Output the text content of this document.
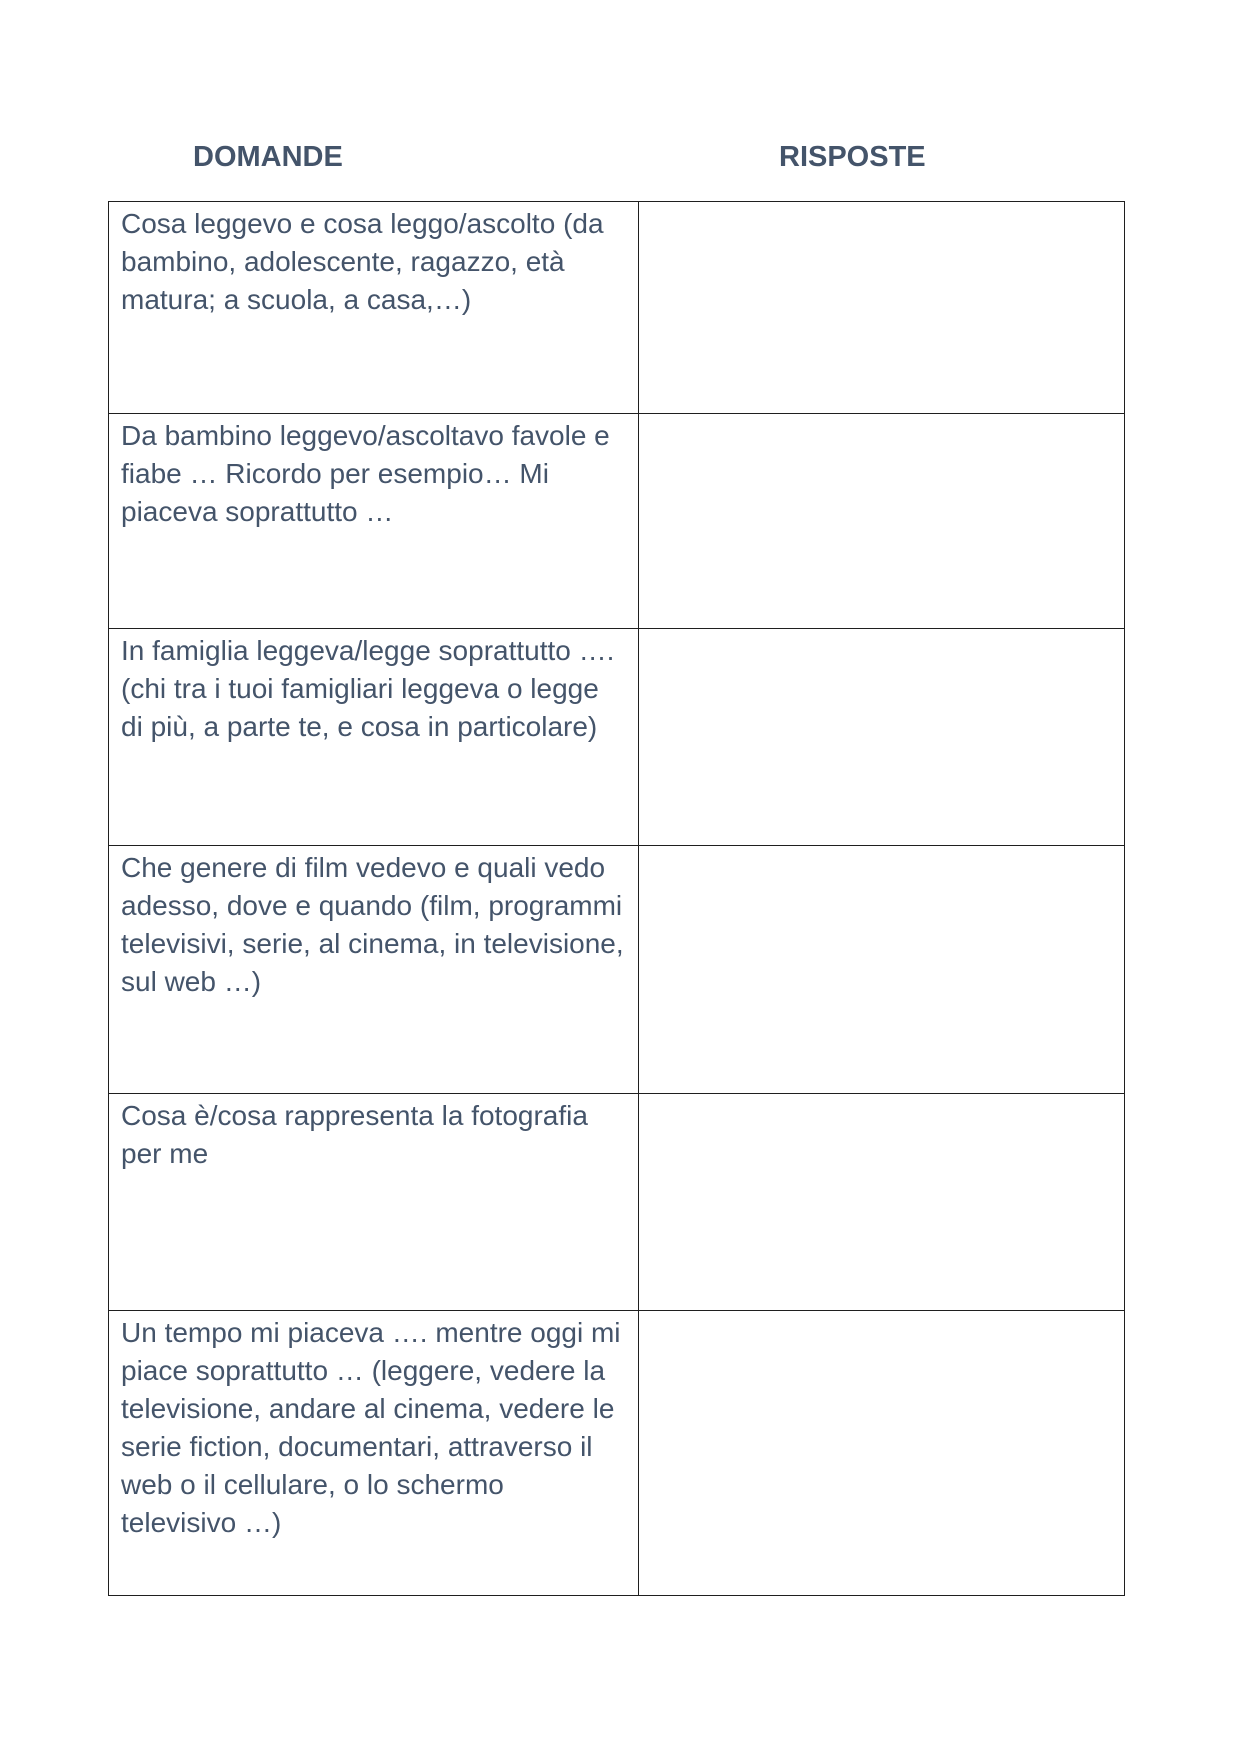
DOMANDE	RISPOSTE
Cosa leggevo e cosa leggo/ascolto (da bambino, adolescente, ragazzo, età matura; a scuola, a casa,…)	
Da bambino leggevo/ascoltavo favole e fiabe … Ricordo per esempio… Mi piaceva soprattutto …	
In famiglia leggeva/legge soprattutto …. (chi tra i tuoi famigliari leggeva o legge di più, a parte te, e cosa in particolare)	
Che genere di film vedevo e quali vedo adesso, dove e quando (film, programmi televisivi, serie, al cinema, in televisione, sul web …)	
Cosa è/cosa rappresenta la fotografia per me	
Un tempo mi piaceva …. mentre oggi mi piace soprattutto … (leggere, vedere la televisione, andare al cinema, vedere le serie fiction, documentari, attraverso il web o il cellulare, o lo schermo televisivo …)	
